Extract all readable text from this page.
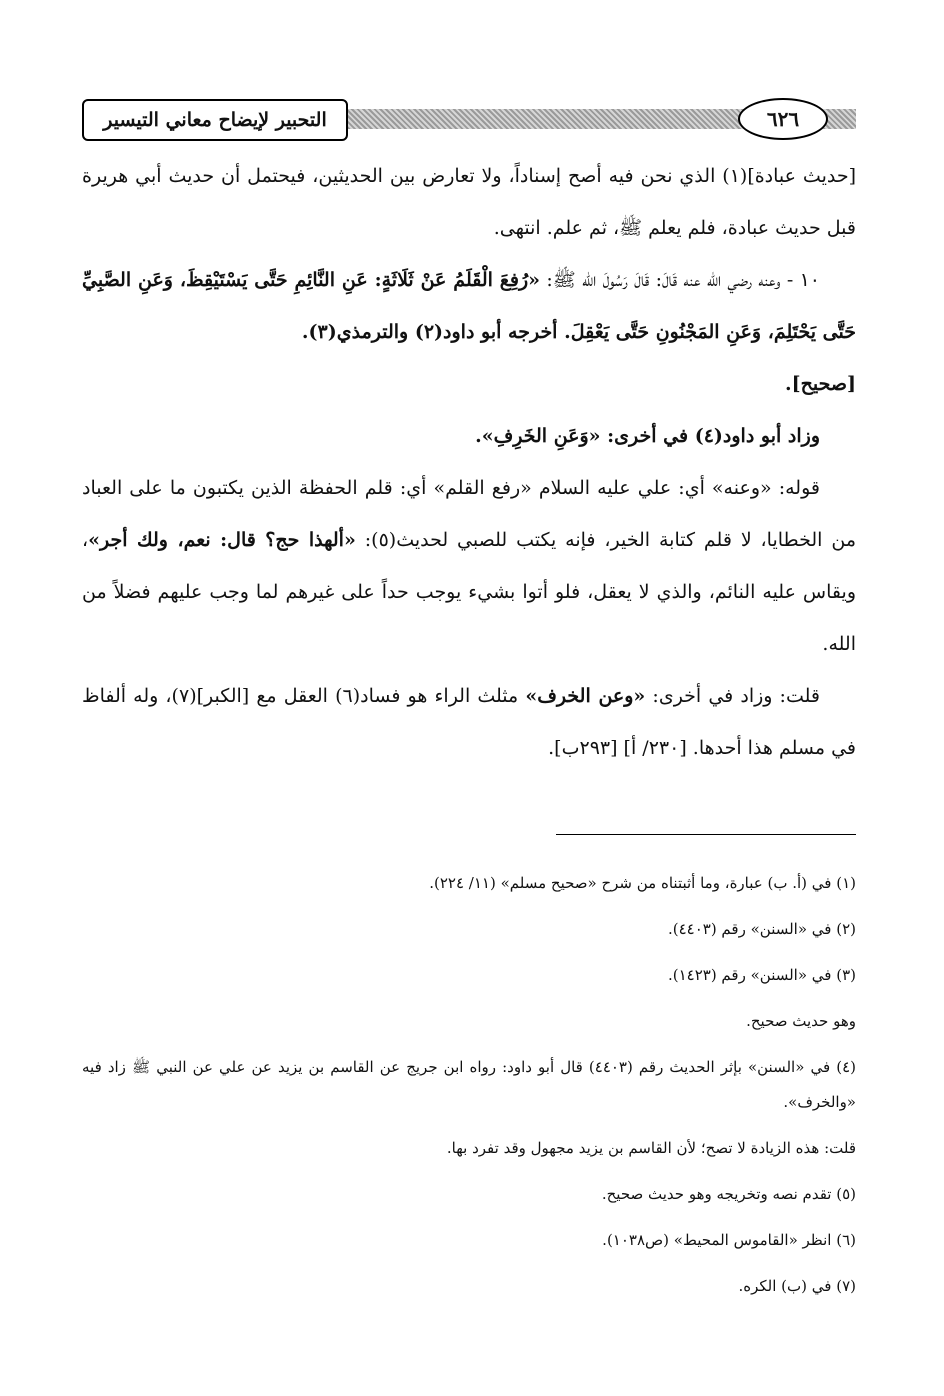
التحبير لإيضاح معاني التيسير	٦٢٦

[حديث عبادة](١) الذي نحن فيه أصح إسناداً، ولا تعارض بين الحديثين، فيحتمل أن حديث أبي هريرة قبل حديث عبادة، فلم يعلم ﷺ، ثم علم. انتهى.

١٠ - وعنه رضي الله عنه قَالَ: قَالَ رَسُولَ الله ﷺ: «رُفِعَ الْقَلَمُ عَنْ ثَلَاثَةٍ: عَنِ النَّائِمِ حَتَّى يَسْتَيْقِظَ، وَعَنِ الصَّبِيِّ حَتَّى يَحْتَلِمَ، وَعَنِ المَجْنُونِ حَتَّى يَعْقِلَ. أخرجه أبو داود(٢) والترمذي(٣).
[صحيح].

وزاد أبو داود(٤) في أخرى: «وَعَنِ الخَرِفِ».

قوله: «وعنه» أي: علي عليه السلام «رفع القلم» أي: قلم الحفظة الذين يكتبون ما على العباد من الخطايا، لا قلم كتابة الخير، فإنه يكتب للصبي لحديث(٥): «ألهذا حج؟ قال: نعم، ولك أجر»، ويقاس عليه النائم، والذي لا يعقل، فلو أتوا بشيء يوجب حداً على غيرهم لما وجب عليهم فضلاً من الله.

قلت: وزاد في أخرى: «وعن الخرف» مثلث الراء هو فساد(٦) العقل مع [الكبر](٧)، وله ألفاظ في مسلم هذا أحدها. [٢٣٠/ أ] [٢٩٣ب].

(١) في (أ. ب) عبارة، وما أثبتناه من شرح «صحيح مسلم» (١١/ ٢٢٤).

(٢) في «السنن» رقم (٤٤٠٣).

(٣) في «السنن» رقم (١٤٢٣).

وهو حديث صحيح.

(٤) في «السنن» بإثر الحديث رقم (٤٤٠٣) قال أبو داود: رواه ابن جريج عن القاسم بن يزيد عن علي عن النبي ﷺ زاد فيه «والخرف».

قلت: هذه الزيادة لا تصح؛ لأن القاسم بن يزيد مجهول وقد تفرد بها.

(٥) تقدم نصه وتخريجه وهو حديث صحيح.

(٦) انظر «القاموس المحيط» (ص١٠٣٨).

(٧) في (ب) الكره.
